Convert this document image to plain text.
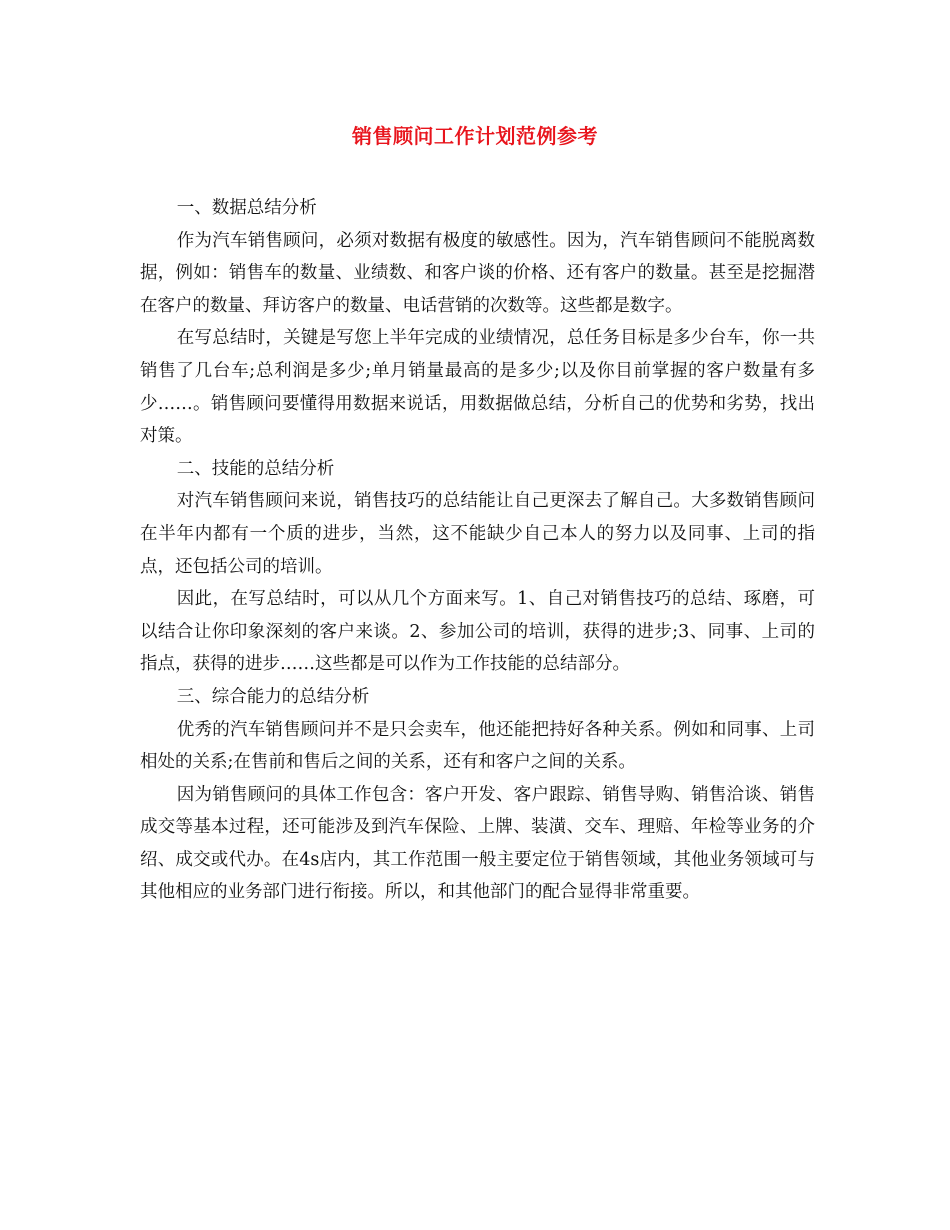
销售顾问工作计划范例参考

一、数据总结分析

作为汽车销售顾问，必须对数据有极度的敏感性。因为，汽车销售顾问不能脱离数据，例如：销售车的数量、业绩数、和客户谈的价格、还有客户的数量。甚至是挖掘潜在客户的数量、拜访客户的数量、电话营销的次数等。这些都是数字。

在写总结时，关键是写您上半年完成的业绩情况，总任务目标是多少台车，你一共销售了几台车;总利润是多少;单月销量最高的是多少;以及你目前掌握的客户数量有多少……。销售顾问要懂得用数据来说话，用数据做总结，分析自己的优势和劣势，找出对策。

二、技能的总结分析

对汽车销售顾问来说，销售技巧的总结能让自己更深去了解自己。大多数销售顾问在半年内都有一个质的进步，当然，这不能缺少自己本人的努力以及同事、上司的指点，还包括公司的培训。

因此，在写总结时，可以从几个方面来写。1、自己对销售技巧的总结、琢磨，可以结合让你印象深刻的客户来谈。2、参加公司的培训，获得的进步;3、同事、上司的指点，获得的进步……这些都是可以作为工作技能的总结部分。

三、综合能力的总结分析

优秀的汽车销售顾问并不是只会卖车，他还能把持好各种关系。例如和同事、上司相处的关系;在售前和售后之间的关系，还有和客户之间的关系。

因为销售顾问的具体工作包含：客户开发、客户跟踪、销售导购、销售洽谈、销售成交等基本过程，还可能涉及到汽车保险、上牌、装潢、交车、理赔、年检等业务的介绍、成交或代办。在4s店内，其工作范围一般主要定位于销售领域，其他业务领域可与其他相应的业务部门进行衔接。所以，和其他部门的配合显得非常重要。
